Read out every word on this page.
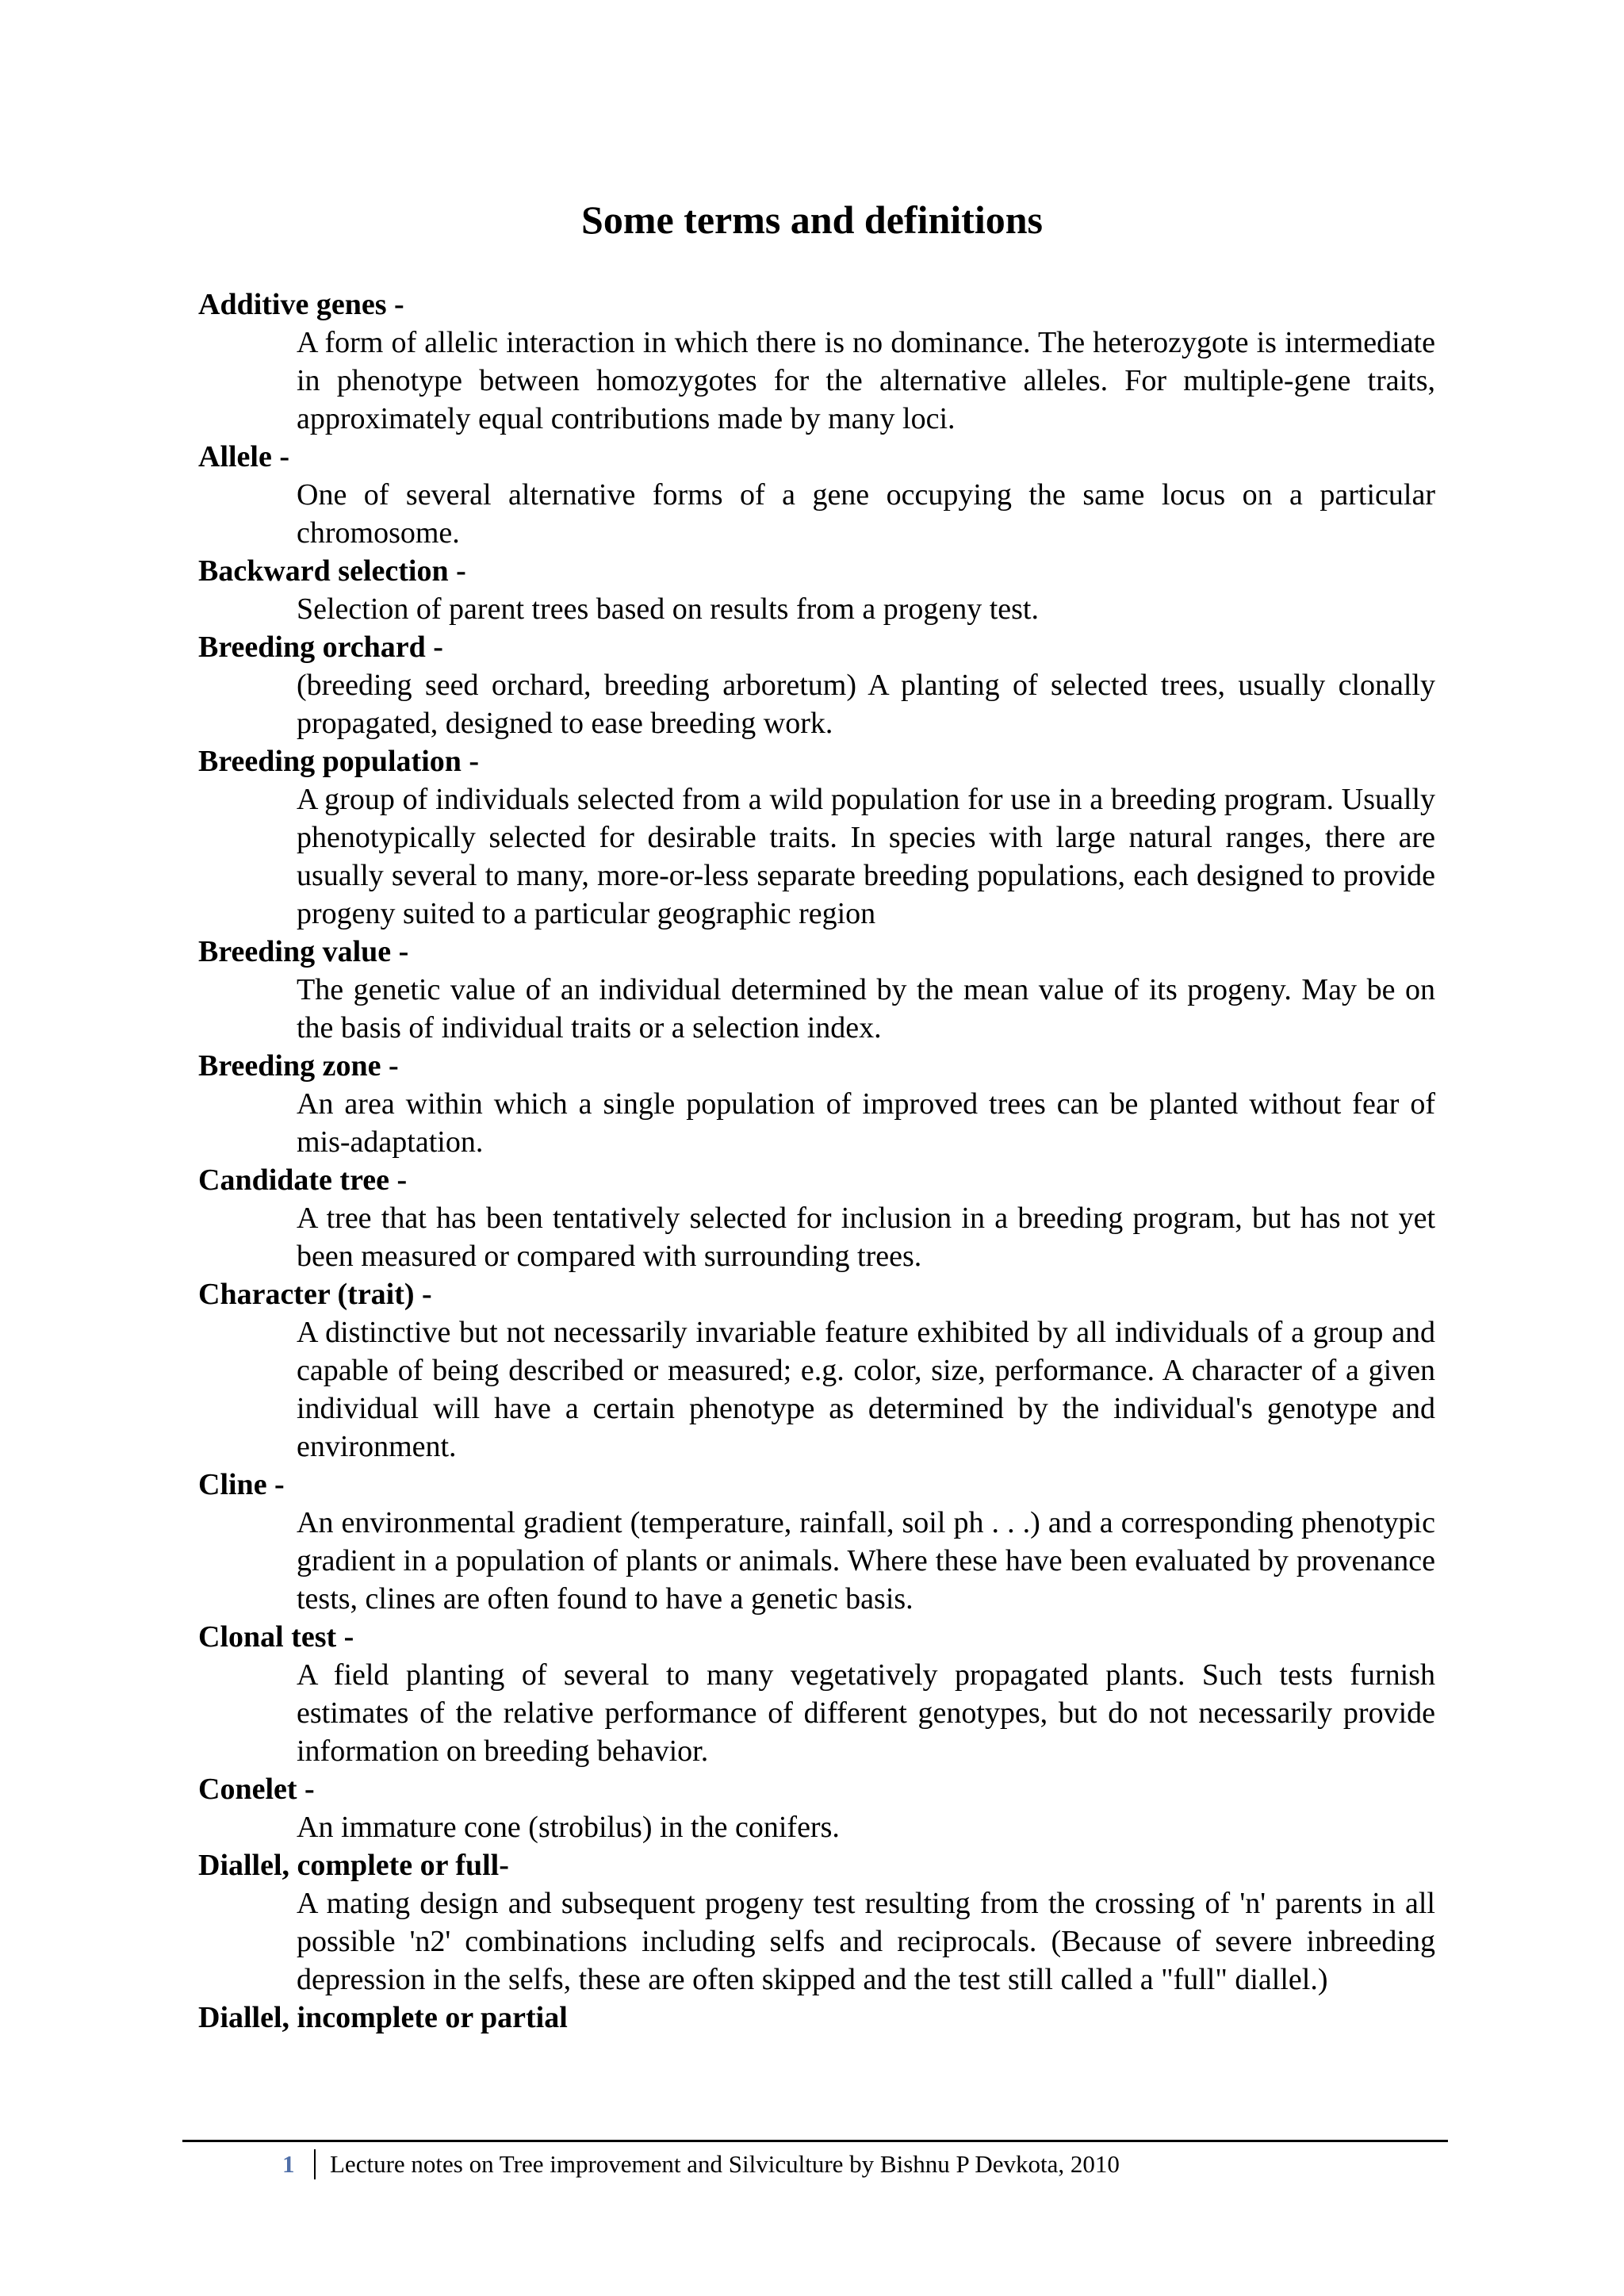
Some terms and definitions

Additive genes -

A form of allelic interaction in which there is no dominance. The heterozygote is intermediate in phenotype between homozygotes for the alternative alleles. For multiple-gene traits, approximately equal contributions made by many loci.

Allele -

One of several alternative forms of a gene occupying the same locus on a particular chromosome.

Backward selection -

Selection of parent trees based on results from a progeny test.

Breeding orchard -

(breeding seed orchard, breeding arboretum) A planting of selected trees, usually clonally propagated, designed to ease breeding work.

Breeding population -

A group of individuals selected from a wild population for use in a breeding program. Usually phenotypically selected for desirable traits. In species with large natural ranges, there are usually several to many, more-or-less separate breeding populations, each designed to provide progeny suited to a particular geographic region

Breeding value -

The genetic value of an individual determined by the mean value of its progeny. May be on the basis of individual traits or a selection index.

Breeding zone -

An area within which a single population of improved trees can be planted without fear of mis-adaptation.

Candidate tree -

A tree that has been tentatively selected for inclusion in a breeding program, but has not yet been measured or compared with surrounding trees.

Character (trait) -

A distinctive but not necessarily invariable feature exhibited by all individuals of a group and capable of being described or measured; e.g. color, size, performance. A character of a given individual will have a certain phenotype as determined by the individual's genotype and environment.

Cline -

An environmental gradient (temperature, rainfall, soil ph . . .) and a corresponding phenotypic gradient in a population of plants or animals. Where these have been evaluated by provenance tests, clines are often found to have a genetic basis.

Clonal test -

A field planting of several to many vegetatively propagated plants. Such tests furnish estimates of the relative performance of different genotypes, but do not necessarily provide information on breeding behavior.

Conelet -

An immature cone (strobilus) in the conifers.

Diallel, complete or full-

A mating design and subsequent progeny test resulting from the crossing of 'n' parents in all possible 'n2' combinations including selfs and reciprocals. (Because of severe inbreeding depression in the selfs, these are often skipped and the test still called a "full" diallel.)

Diallel, incomplete or partial

1 Lecture notes on Tree improvement and Silviculture by Bishnu P Devkota, 2010
